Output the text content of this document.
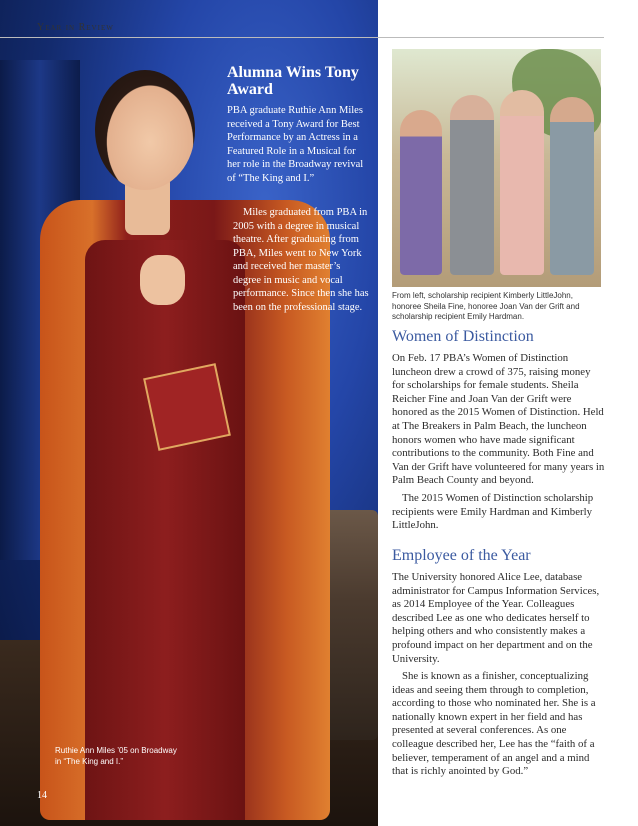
Year in Review
Alumna Wins Tony Award
PBA graduate Ruthie Ann Miles received a Tony Award for Best Performance by an Actress in a Featured Role in a Musical for her role in the Broadway revival of “The King and I.”
Miles graduated from PBA in 2005 with a degree in musical theatre. After graduating from PBA, Miles went to New York and received her master’s degree in music and vocal performance. Since then she has been on the professional stage.
Ruthie Ann Miles ’05 on Broadway in “The King and I.”
14
From left, scholarship recipient Kimberly LittleJohn, honoree Sheila Fine, honoree Joan Van der Grift and scholarship recipient Emily Hardman.
Women of Distinction
On Feb. 17 PBA’s Women of Distinction luncheon drew a crowd of 375, raising money for scholarships for female students. Sheila Reicher Fine and Joan Van der Grift were honored as the 2015 Women of Distinction. Held at The Breakers in Palm Beach, the luncheon honors women who have made significant contributions to the community. Both Fine and Van der Grift have volunteered for many years in Palm Beach County and beyond.
The 2015 Women of Distinction scholarship recipients were Emily Hardman and Kimberly LittleJohn.
Employee of the Year
The University honored Alice Lee, database administrator for Campus Information Services, as 2014 Employee of the Year. Colleagues described Lee as one who dedicates herself to helping others and who consistently makes a profound impact on her department and on the University.
She is known as a finisher, conceptualizing ideas and seeing them through to completion, according to those who nominated her. She is a nationally known expert in her field and has presented at several conferences. As one colleague described her, Lee has the “faith of a believer, temperament of an angel and a mind that is richly anointed by God.”
